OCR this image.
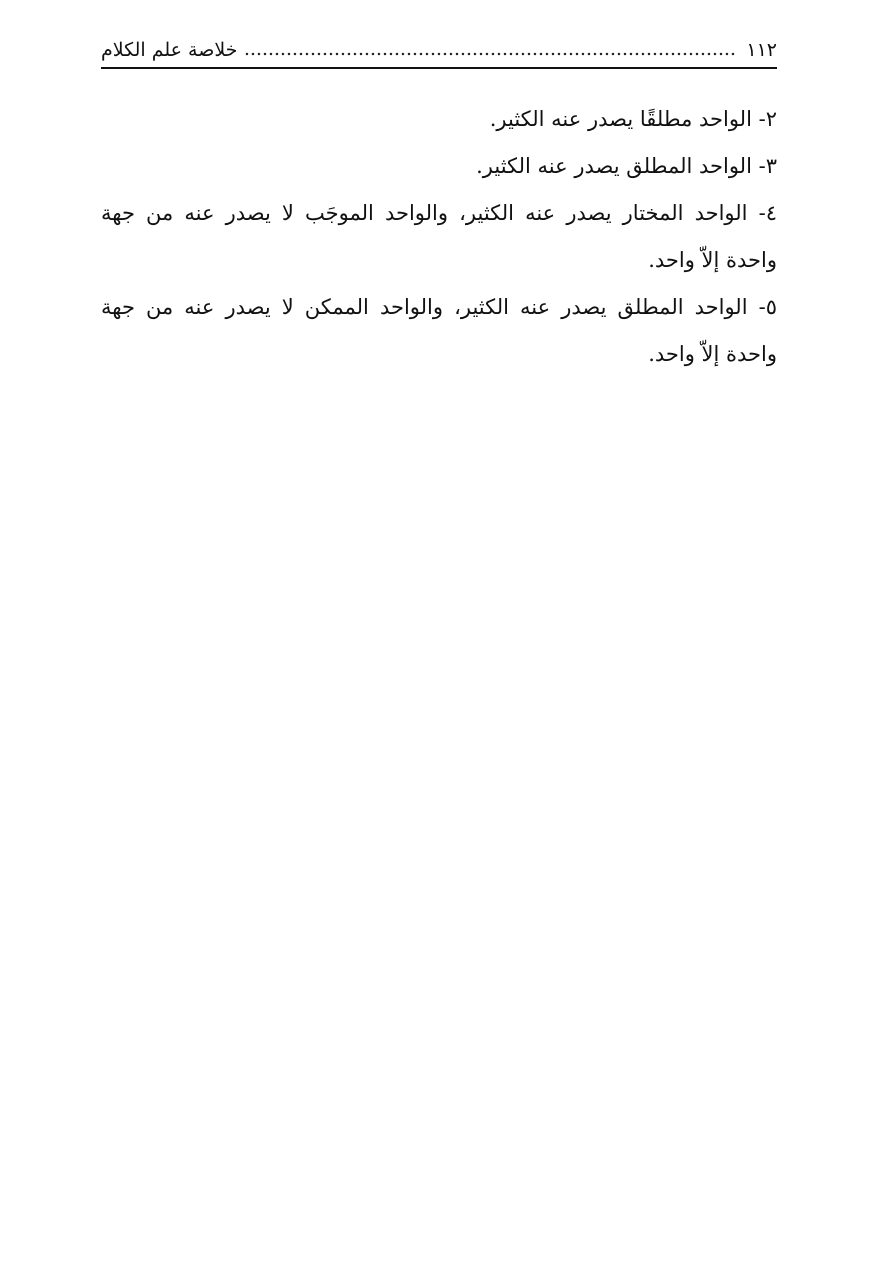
١١٢
خلاصة علم الكلام

٢- الواحد مطلقًا يصدر عنه الكثير.

٣- الواحد المطلق يصدر عنه الكثير.

٤- الواحد المختار يصدر عنه الكثير، والواحد الموجَب لا يصدر عنه من جهة واحدة إلاّ واحد.

٥- الواحد المطلق يصدر عنه الكثير، والواحد الممكن لا يصدر عنه من جهة واحدة إلاّ واحد.
